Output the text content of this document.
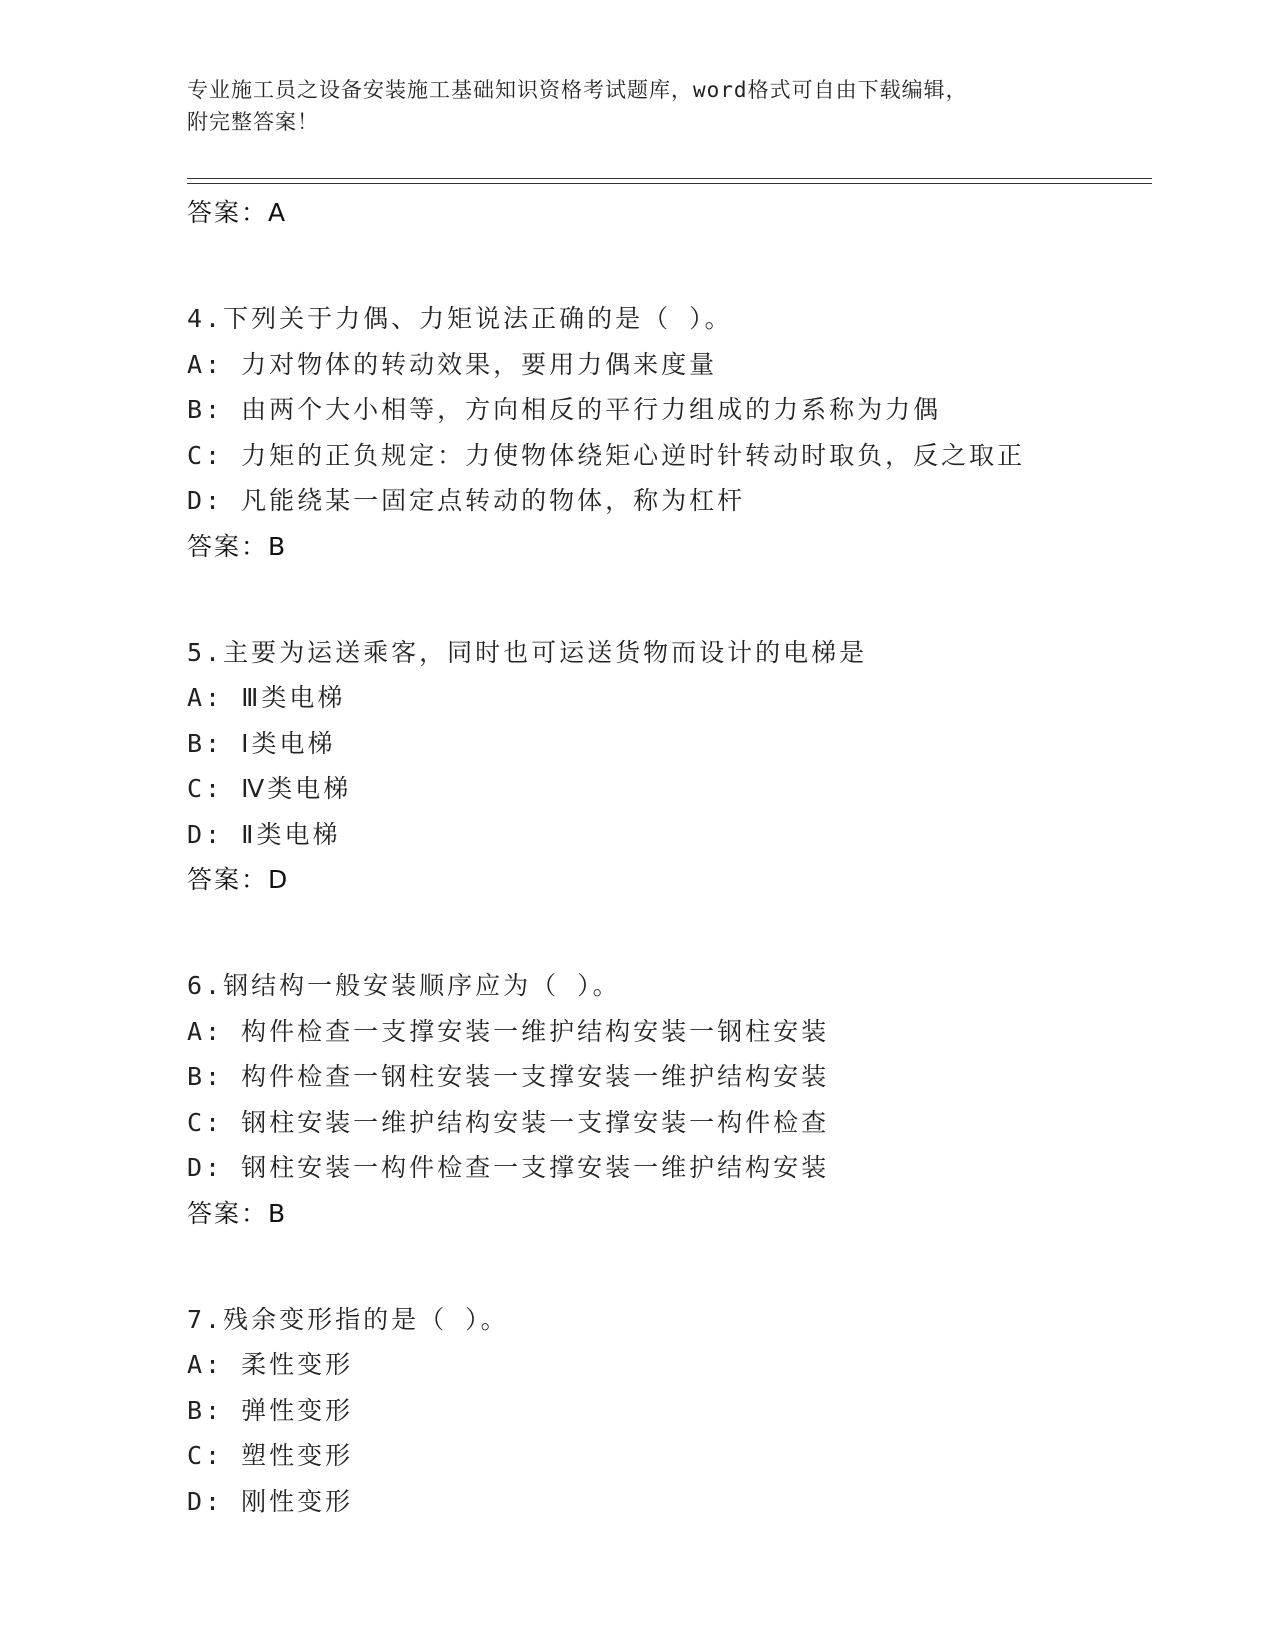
专业施工员之设备安装施工基础知识资格考试题库，word格式可自由下载编辑，
附完整答案！
答案：A
4.下列关于力偶、力矩说法正确的是（ ）。
A: 力对物体的转动效果，要用力偶来度量
B: 由两个大小相等，方向相反的平行力组成的力系称为力偶
C: 力矩的正负规定：力使物体绕矩心逆时针转动时取负，反之取正
D: 凡能绕某一固定点转动的物体，称为杠杆
答案：B
5.主要为运送乘客，同时也可运送货物而设计的电梯是
A: Ⅲ类电梯
B: Ⅰ类电梯
C: Ⅳ类电梯
D: Ⅱ类电梯
答案：D
6.钢结构一般安装顺序应为（ ）。
A: 构件检查一支撑安装一维护结构安装一钢柱安装
B: 构件检查一钢柱安装一支撑安装一维护结构安装
C: 钢柱安装一维护结构安装一支撑安装一构件检查
D: 钢柱安装一构件检查一支撑安装一维护结构安装
答案：B
7.残余变形指的是（ ）。
A: 柔性变形
B: 弹性变形
C: 塑性变形
D: 刚性变形
